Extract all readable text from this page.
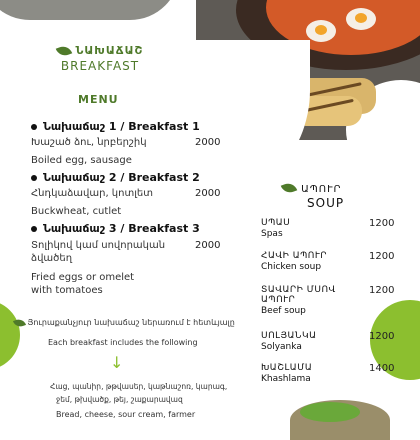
ՆԱԽԱՃԱՇ
BREAKFAST
MENU
Նախաճաշ 1 / Breakfast 1
Խաշած ձու, նրբերշիկ	2000
Boiled egg, sausage
Նախաճաշ 2 / Breakfast 2
Հնդկաձավար, կոտլետ	2000
Buckwheat, cutlet
Նախաճաշ 3 / Breakfast 3
Տոլիկով կամ սովորական ձվածեղ
2000
Fried eggs or omelet with tomatoes
Յուրաքանչյուր նախաճաշ ներառում է հետևյալը
Each breakfast includes the following
↓
Հաց, պանիր, թթվասեր, կաթնաշոռ, կարագ,
ջեմ, թխվածք, թեյ, շաքարավազ
Bread, cheese, sour cream, farmer
ԱՊՈՒՐ
SOUP
ՍՊԱՍ
Spas
1200
ՀԱՎԻ ԱՊՈՒՐ
Chicken soup
1200
ՏԱՎԱՐԻ ՄՍՈՎ ԱՊՈՒՐ
Beef soup
1200
ՍՈԼՅԱՆԿԱ
Solyanka
1200
ԽԱՇԼԱՄԱ
Khashlama
1400
